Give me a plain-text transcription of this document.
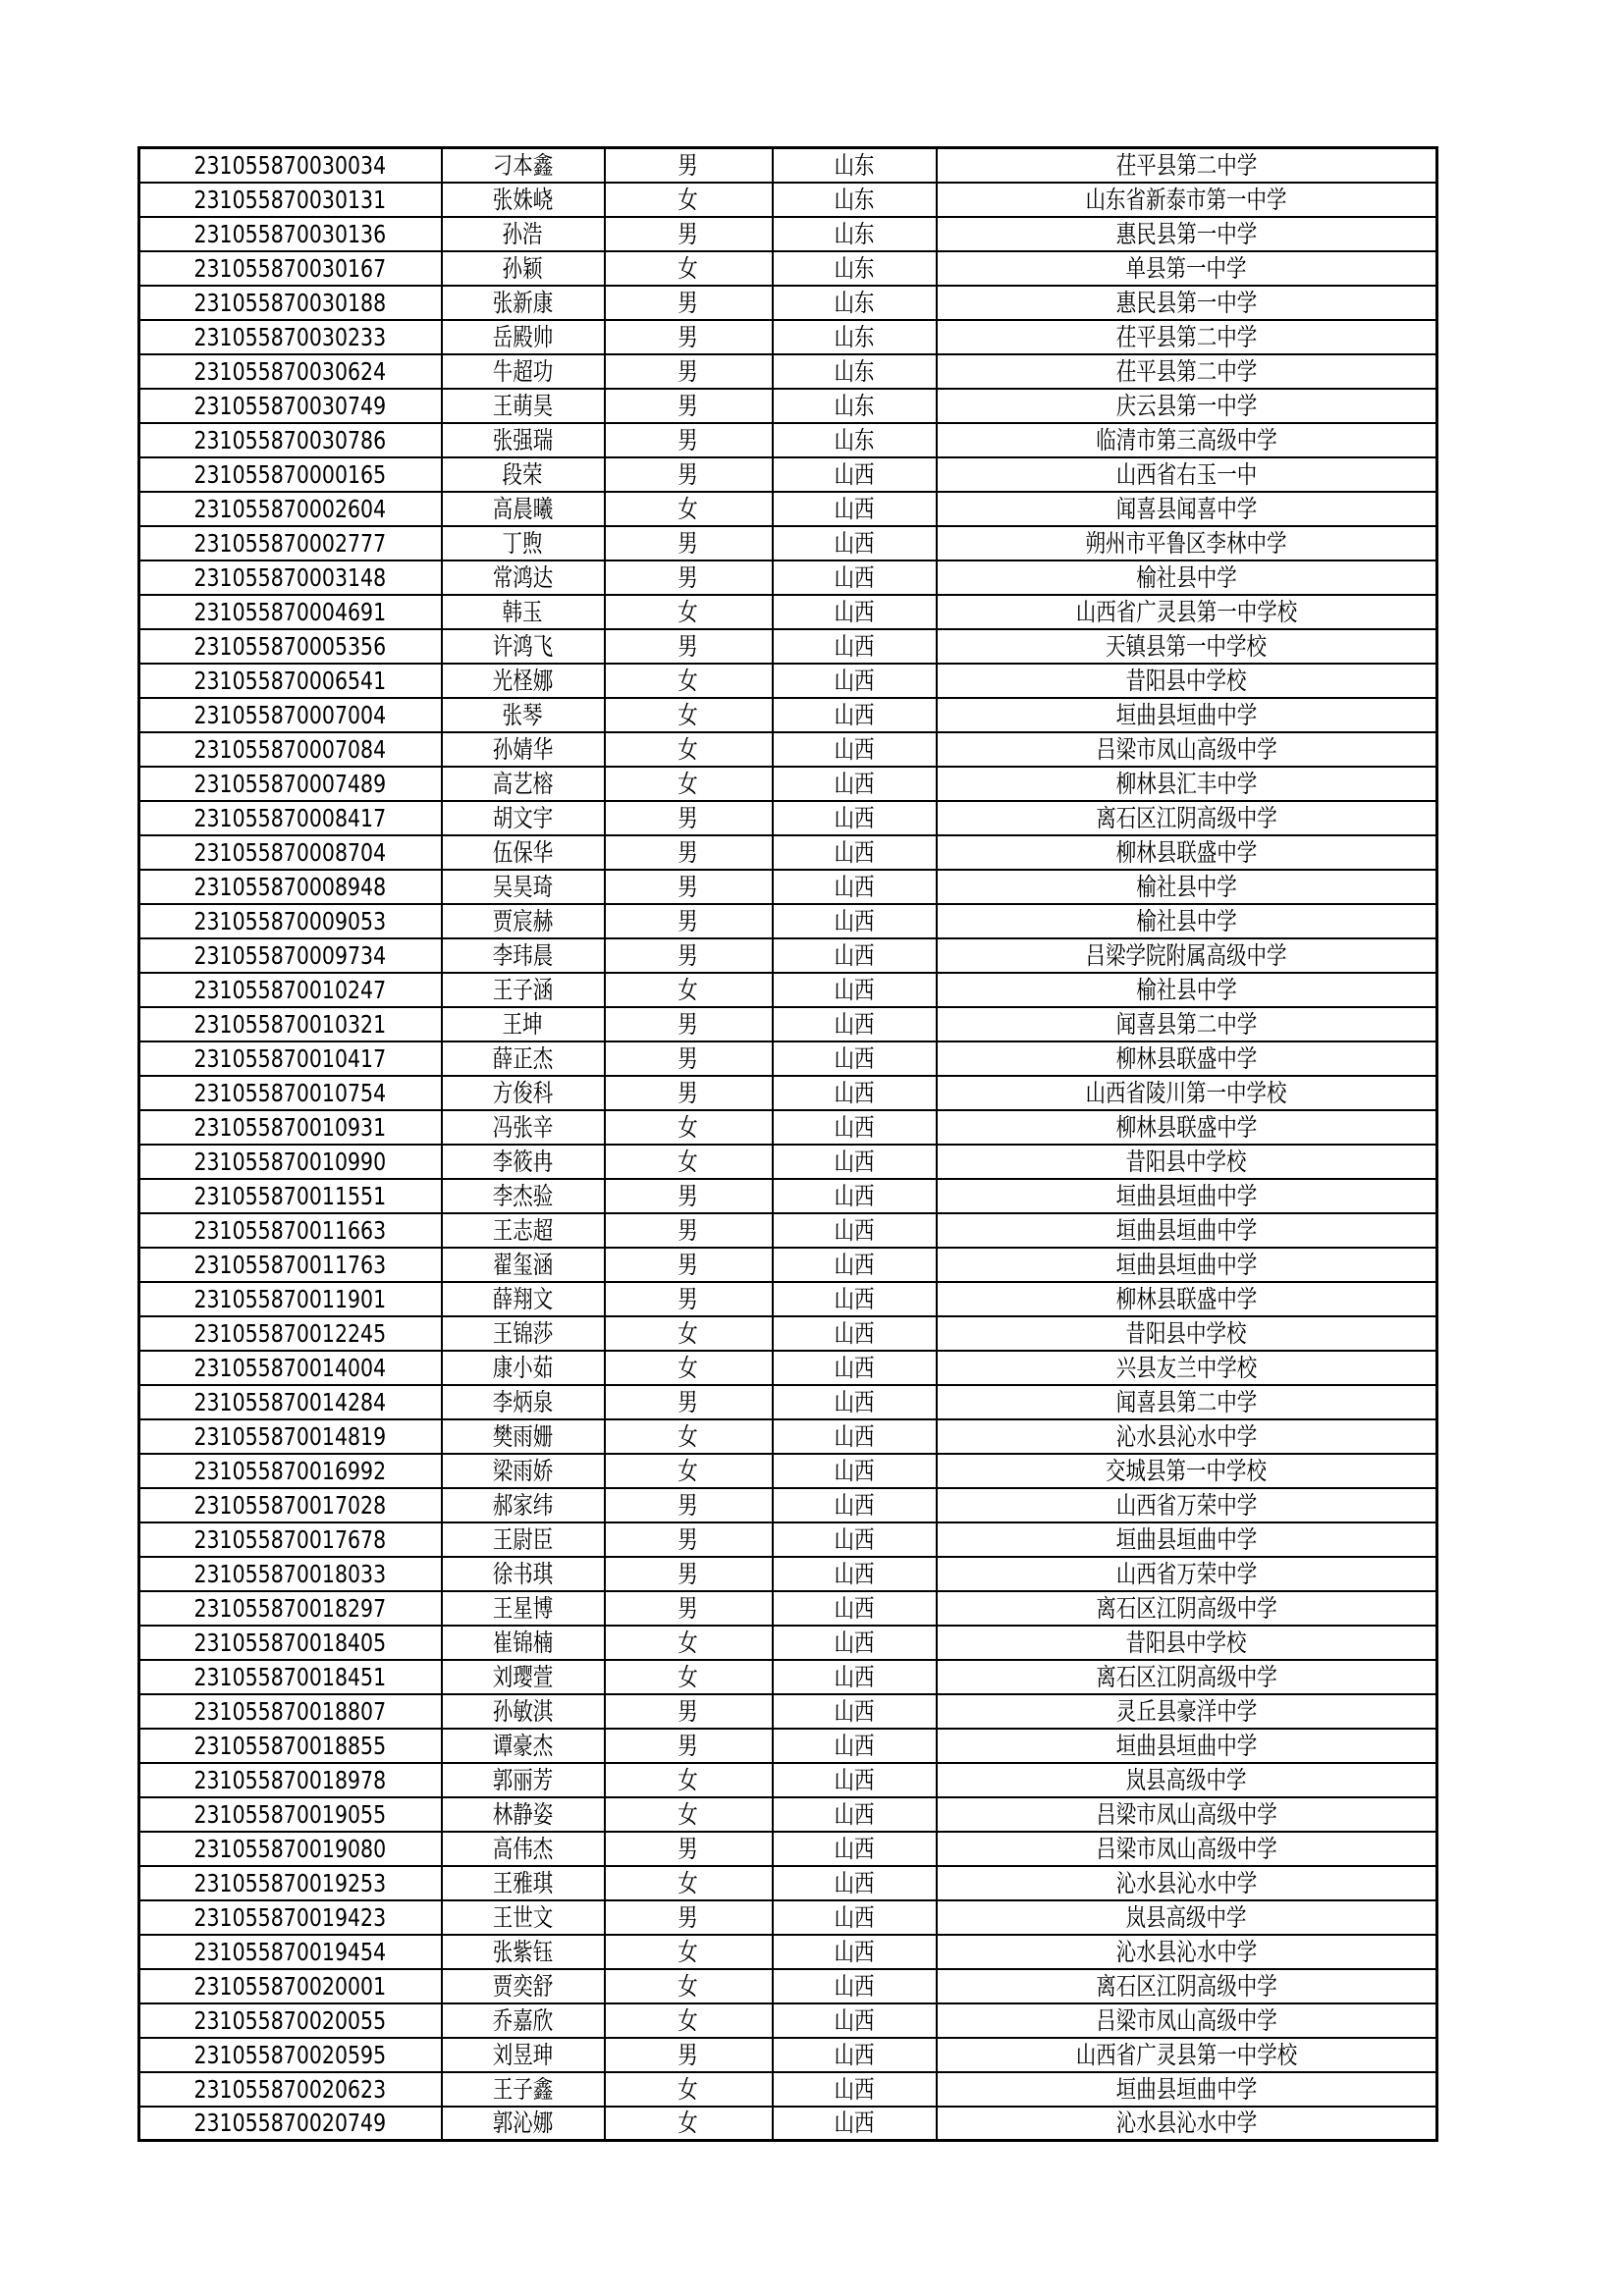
231055870030034	刁本鑫	男	山东	茌平县第二中学
231055870030131	张姝峣	女	山东	山东省新泰市第一中学
231055870030136	孙浩	男	山东	惠民县第一中学
231055870030167	孙颖	女	山东	单县第一中学
231055870030188	张新康	男	山东	惠民县第一中学
231055870030233	岳殿帅	男	山东	茌平县第二中学
231055870030624	牛超功	男	山东	茌平县第二中学
231055870030749	王萌昊	男	山东	庆云县第一中学
231055870030786	张强瑞	男	山东	临清市第三高级中学
231055870000165	段荣	男	山西	山西省右玉一中
231055870002604	高晨曦	女	山西	闻喜县闻喜中学
231055870002777	丁煦	男	山西	朔州市平鲁区李林中学
231055870003148	常鸿达	男	山西	榆社县中学
231055870004691	韩玉	女	山西	山西省广灵县第一中学校
231055870005356	许鸿飞	男	山西	天镇县第一中学校
231055870006541	光柽娜	女	山西	昔阳县中学校
231055870007004	张琴	女	山西	垣曲县垣曲中学
231055870007084	孙婧华	女	山西	吕梁市凤山高级中学
231055870007489	高艺榕	女	山西	柳林县汇丰中学
231055870008417	胡文宇	男	山西	离石区江阴高级中学
231055870008704	伍保华	男	山西	柳林县联盛中学
231055870008948	吴昊琦	男	山西	榆社县中学
231055870009053	贾宸赫	男	山西	榆社县中学
231055870009734	李玮晨	男	山西	吕梁学院附属高级中学
231055870010247	王子涵	女	山西	榆社县中学
231055870010321	王坤	男	山西	闻喜县第二中学
231055870010417	薛正杰	男	山西	柳林县联盛中学
231055870010754	方俊科	男	山西	山西省陵川第一中学校
231055870010931	冯张辛	女	山西	柳林县联盛中学
231055870010990	李筱冉	女	山西	昔阳县中学校
231055870011551	李杰验	男	山西	垣曲县垣曲中学
231055870011663	王志超	男	山西	垣曲县垣曲中学
231055870011763	翟玺涵	男	山西	垣曲县垣曲中学
231055870011901	薛翔文	男	山西	柳林县联盛中学
231055870012245	王锦莎	女	山西	昔阳县中学校
231055870014004	康小茹	女	山西	兴县友兰中学校
231055870014284	李炳泉	男	山西	闻喜县第二中学
231055870014819	樊雨姗	女	山西	沁水县沁水中学
231055870016992	梁雨娇	女	山西	交城县第一中学校
231055870017028	郝家纬	男	山西	山西省万荣中学
231055870017678	王尉臣	男	山西	垣曲县垣曲中学
231055870018033	徐书琪	男	山西	山西省万荣中学
231055870018297	王星博	男	山西	离石区江阴高级中学
231055870018405	崔锦楠	女	山西	昔阳县中学校
231055870018451	刘璎萱	女	山西	离石区江阴高级中学
231055870018807	孙敏淇	男	山西	灵丘县豪洋中学
231055870018855	谭豪杰	男	山西	垣曲县垣曲中学
231055870018978	郭丽芳	女	山西	岚县高级中学
231055870019055	林静姿	女	山西	吕梁市凤山高级中学
231055870019080	高伟杰	男	山西	吕梁市凤山高级中学
231055870019253	王雅琪	女	山西	沁水县沁水中学
231055870019423	王世文	男	山西	岚县高级中学
231055870019454	张紫钰	女	山西	沁水县沁水中学
231055870020001	贾奕舒	女	山西	离石区江阴高级中学
231055870020055	乔嘉欣	女	山西	吕梁市凤山高级中学
231055870020595	刘昱珅	男	山西	山西省广灵县第一中学校
231055870020623	王子鑫	女	山西	垣曲县垣曲中学
231055870020749	郭沁娜	女	山西	沁水县沁水中学
